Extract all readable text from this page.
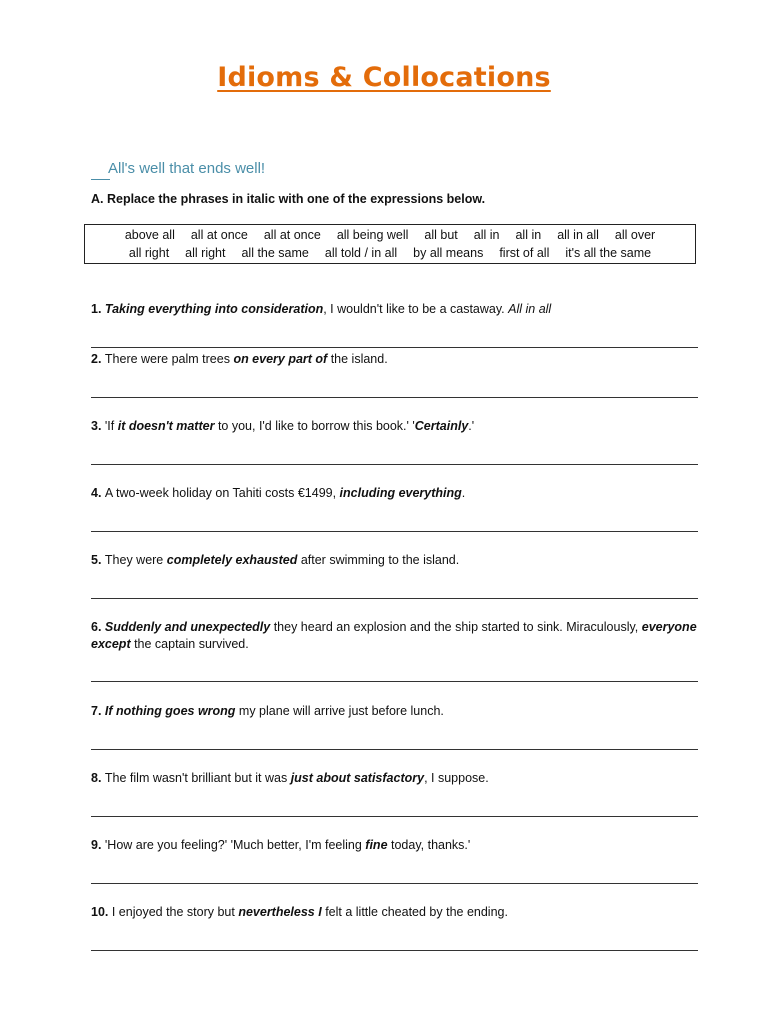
Idioms & Collocations
All's well that ends well!
A. Replace the phrases in italic with one of the expressions below.
above all all at once all at once all being well all but all in all in all in all all over
all right all right all the same all told / in all by all means first of all it's all the same
1. Taking everything into consideration, I wouldn't like to be a castaway. All in all
2. There were palm trees on every part of the island.
3. 'If it doesn't matter to you, I'd like to borrow this book.' 'Certainly.'
4. A two-week holiday on Tahiti costs €1499, including everything.
5. They were completely exhausted after swimming to the island.
6. Suddenly and unexpectedly they heard an explosion and the ship started to sink. Miraculously, everyone except the captain survived.
7. If nothing goes wrong my plane will arrive just before lunch.
8. The film wasn't brilliant but it was just about satisfactory, I suppose.
9. 'How are you feeling?' 'Much better, I'm feeling fine today, thanks.'
10. I enjoyed the story but nevertheless I felt a little cheated by the ending.
